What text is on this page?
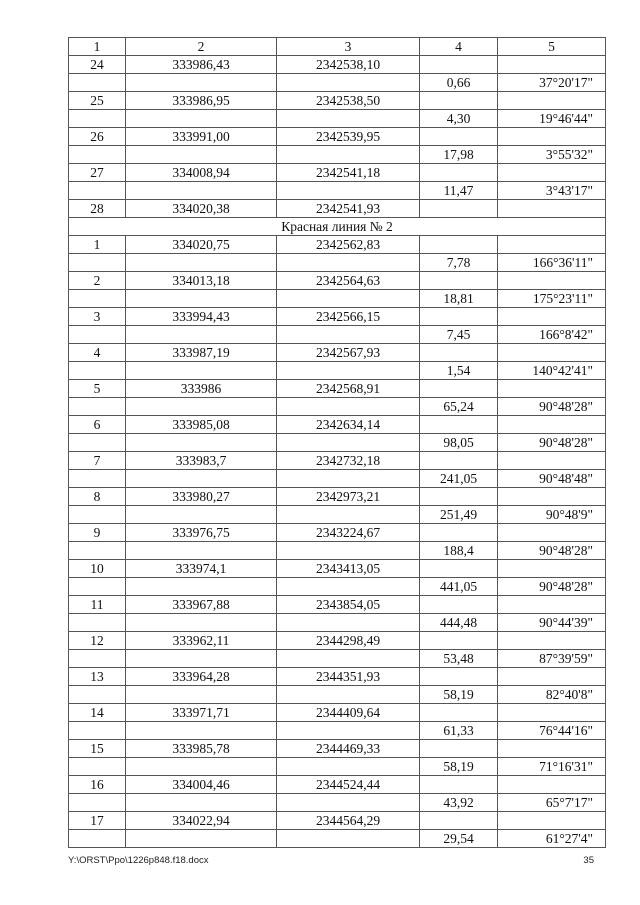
1	2	3	4	5
24	333986,43	2342538,10		
			0,66	37°20'17"
25	333986,95	2342538,50		
			4,30	19°46'44"
26	333991,00	2342539,95		
			17,98	3°55'32"
27	334008,94	2342541,18		
			11,47	3°43'17"
28	334020,38	2342541,93		
Красная линия № 2				
1	334020,75	2342562,83		
			7,78	166°36'11"
2	334013,18	2342564,63		
			18,81	175°23'11"
3	333994,43	2342566,15		
			7,45	166°8'42"
4	333987,19	2342567,93		
			1,54	140°42'41"
5	333986	2342568,91		
			65,24	90°48'28"
6	333985,08	2342634,14		
			98,05	90°48'28"
7	333983,7	2342732,18		
			241,05	90°48'48"
8	333980,27	2342973,21		
			251,49	90°48'9"
9	333976,75	2343224,67		
			188,4	90°48'28"
10	333974,1	2343413,05		
			441,05	90°48'28"
11	333967,88	2343854,05		
			444,48	90°44'39"
12	333962,11	2344298,49		
			53,48	87°39'59"
13	333964,28	2344351,93		
			58,19	82°40'8"
14	333971,71	2344409,64		
			61,33	76°44'16"
15	333985,78	2344469,33		
			58,19	71°16'31"
16	334004,46	2344524,44		
			43,92	65°7'17"
17	334022,94	2344564,29		
			29,54	61°27'4"
Y:\ORST\Ppo\1226p848.f18.docx	35
